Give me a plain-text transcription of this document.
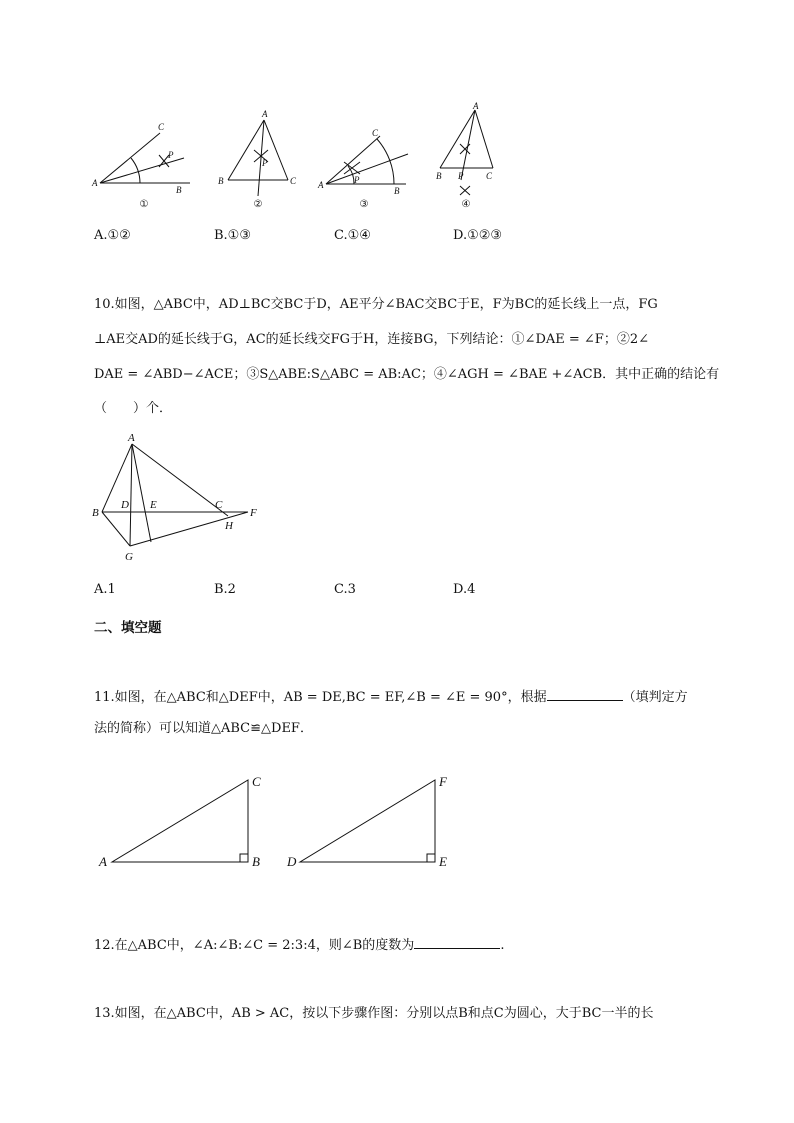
A
B
C
P
A
B	C
P
A
B
C
P
A
B	C
P
①	②	③	④
A.①②	B.①③	C.①④	D.①②③
10.如图，△ABC中，AD⊥BC交BC于D，AE平分∠BAC交BC于E，F为BC的延长线上一点，FG
⊥AE交AD的延长线于G，AC的延长线交FG于H，连接BG，下列结论：①∠DAE = ∠F；②2∠
DAE = ∠ABD−∠ACE；③S△ABE:S△ABC = AB:AC；④∠AGH = ∠BAE +∠ACB．其中正确的结论有
（　　）个．
A
B
D E	C
H
F
G
A.1	B.2	C.3	D.4
二、填空题
11.如图，在△ABC和△DEF中，AB = DE,BC = EF,∠B = ∠E = 90°，根据	（填判定方
法的简称）可以知道△ABC≌△DEF．
A	B
C
D	E
F
12.在△ABC中，∠A:∠B:∠C = 2:3:4，则∠B的度数为	.
13.如图，在△ABC中，AB > AC，按以下步骤作图：分别以点B和点C为圆心，大于BC一半的长
